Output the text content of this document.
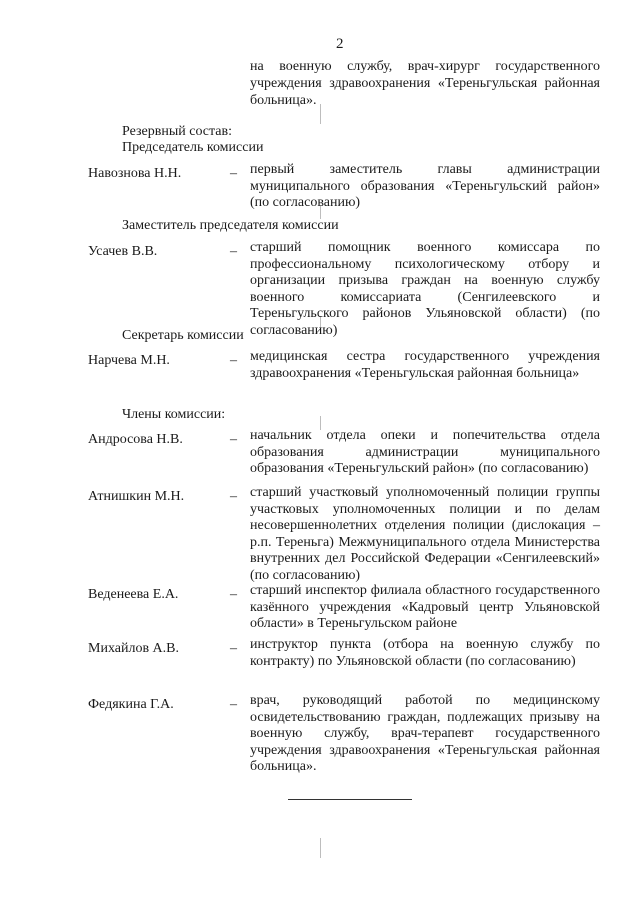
2
на военную службу, врач-хирург государственного учреждения здравоохранения «Тереньгульская районная больница».
Резервный состав:
Председатель комиссии
Навознова Н.Н.	– первый заместитель главы администрации муниципального образования «Тереньгульский район» (по согласованию)
Заместитель председателя комиссии
Усачев В.В.	– старший помощник военного комиссара по профессиональному психологическому отбору и организации призыва граждан на военную службу военного комиссариата (Сенгилеевского и Тереньгульского районов Ульяновской области) (по согласованию)
Секретарь комиссии
Нарчева М.Н.	– медицинская сестра государственного учреждения здравоохранения «Тереньгульская районная больница»
Члены комиссии:
Андросова Н.В.	– начальник отдела опеки и попечительства отдела образования администрации муниципального образования «Тереньгульский район» (по согласованию)
Атнишкин М.Н.	– старший участковый уполномоченный полиции группы участковых уполномоченных полиции и по делам несовершеннолетних отделения полиции (дислокация – р.п. Тереньга) Межмуниципального отдела Министерства внутренних дел Российской Федерации «Сенгилеевский» (по согласованию)
Веденеева Е.А.	– старший инспектор филиала областного государственного казённого учреждения «Кадровый центр Ульяновской области» в Тереньгульском районе
Михайлов А.В.	– инструктор пункта (отбора на военную службу по контракту) по Ульяновской области (по согласованию)
Федякина Г.А.	– врач, руководящий работой по медицинскому освидетельствованию граждан, подлежащих призыву на военную службу, врач-терапевт государственного учреждения здравоохранения «Тереньгульская районная больница».
